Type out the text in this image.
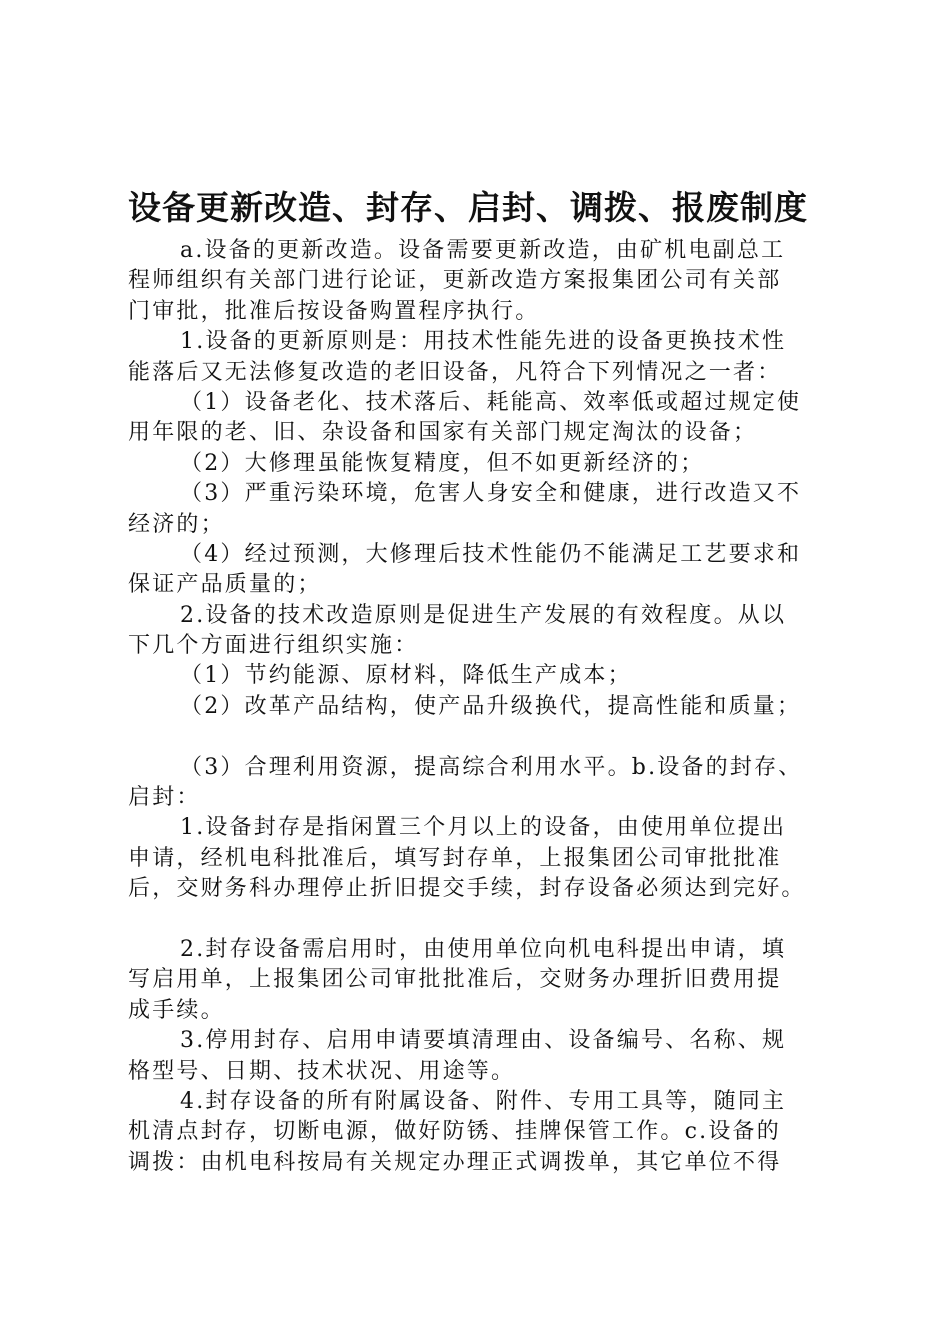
设备更新改造、封存、启封、调拨、报废制度
a.设备的更新改造。设备需要更新改造，由矿机电副总工
程师组织有关部门进行论证，更新改造方案报集团公司有关部
门审批，批准后按设备购置程序执行。
1.设备的更新原则是：用技术性能先进的设备更换技术性
能落后又无法修复改造的老旧设备，凡符合下列情况之一者：
（1）设备老化、技术落后、耗能高、效率低或超过规定使
用年限的老、旧、杂设备和国家有关部门规定淘汰的设备；
（2）大修理虽能恢复精度，但不如更新经济的；
（3）严重污染环境，危害人身安全和健康，进行改造又不
经济的；
（4）经过预测，大修理后技术性能仍不能满足工艺要求和
保证产品质量的；
2.设备的技术改造原则是促进生产发展的有效程度。从以
下几个方面进行组织实施：
（1）节约能源、原材料，降低生产成本；
（2）改革产品结构，使产品升级换代，提高性能和质量；
（3）合理利用资源，提高综合利用水平。b.设备的封存、
启封：
1.设备封存是指闲置三个月以上的设备，由使用单位提出
申请，经机电科批准后，填写封存单，上报集团公司审批批准
后，交财务科办理停止折旧提交手续，封存设备必须达到完好。
2.封存设备需启用时，由使用单位向机电科提出申请，填
写启用单，上报集团公司审批批准后，交财务办理折旧费用提
成手续。
3.停用封存、启用申请要填清理由、设备编号、名称、规
格型号、日期、技术状况、用途等。
4.封存设备的所有附属设备、附件、专用工具等，随同主
机清点封存，切断电源，做好防锈、挂牌保管工作。c.设备的
调拨：由机电科按局有关规定办理正式调拨单，其它单位不得
